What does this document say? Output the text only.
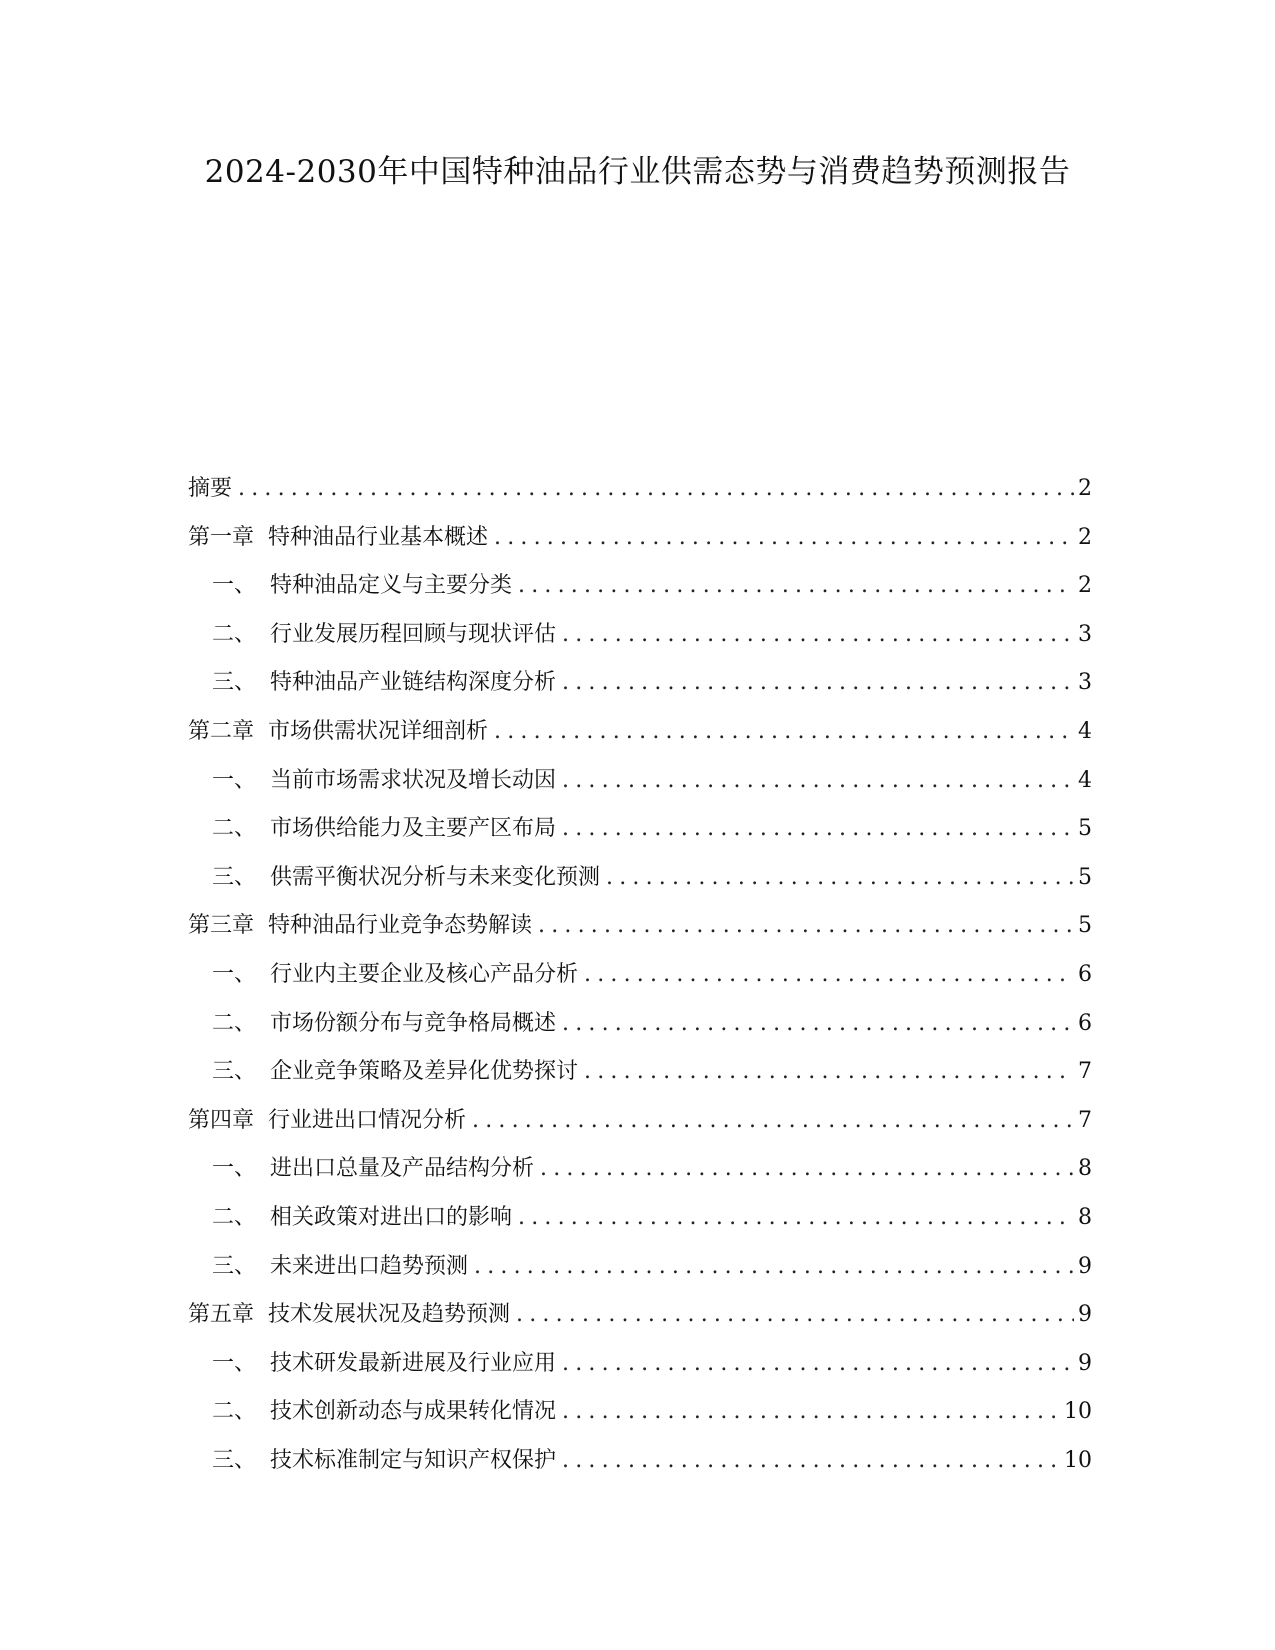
2024-2030年中国特种油品行业供需态势与消费趋势预测报告
摘要 .....	2
第一章  特种油品行业基本概述 .....	2
一、  特种油品定义与主要分类 .....	2
二、  行业发展历程回顾与现状评估 .....	3
三、  特种油品产业链结构深度分析 .....	3
第二章  市场供需状况详细剖析 .....	4
一、  当前市场需求状况及增长动因 .....	4
二、  市场供给能力及主要产区布局 .....	5
三、  供需平衡状况分析与未来变化预测 .....	5
第三章  特种油品行业竞争态势解读 .....	5
一、  行业内主要企业及核心产品分析 .....	6
二、  市场份额分布与竞争格局概述 .....	6
三、  企业竞争策略及差异化优势探讨 .....	7
第四章  行业进出口情况分析 .....	7
一、  进出口总量及产品结构分析 .....	8
二、  相关政策对进出口的影响 .....	8
三、  未来进出口趋势预测 .....	9
第五章  技术发展状况及趋势预测 .....	9
一、  技术研发最新进展及行业应用 .....	9
二、  技术创新动态与成果转化情况 .....	10
三、  技术标准制定与知识产权保护 .....	10
